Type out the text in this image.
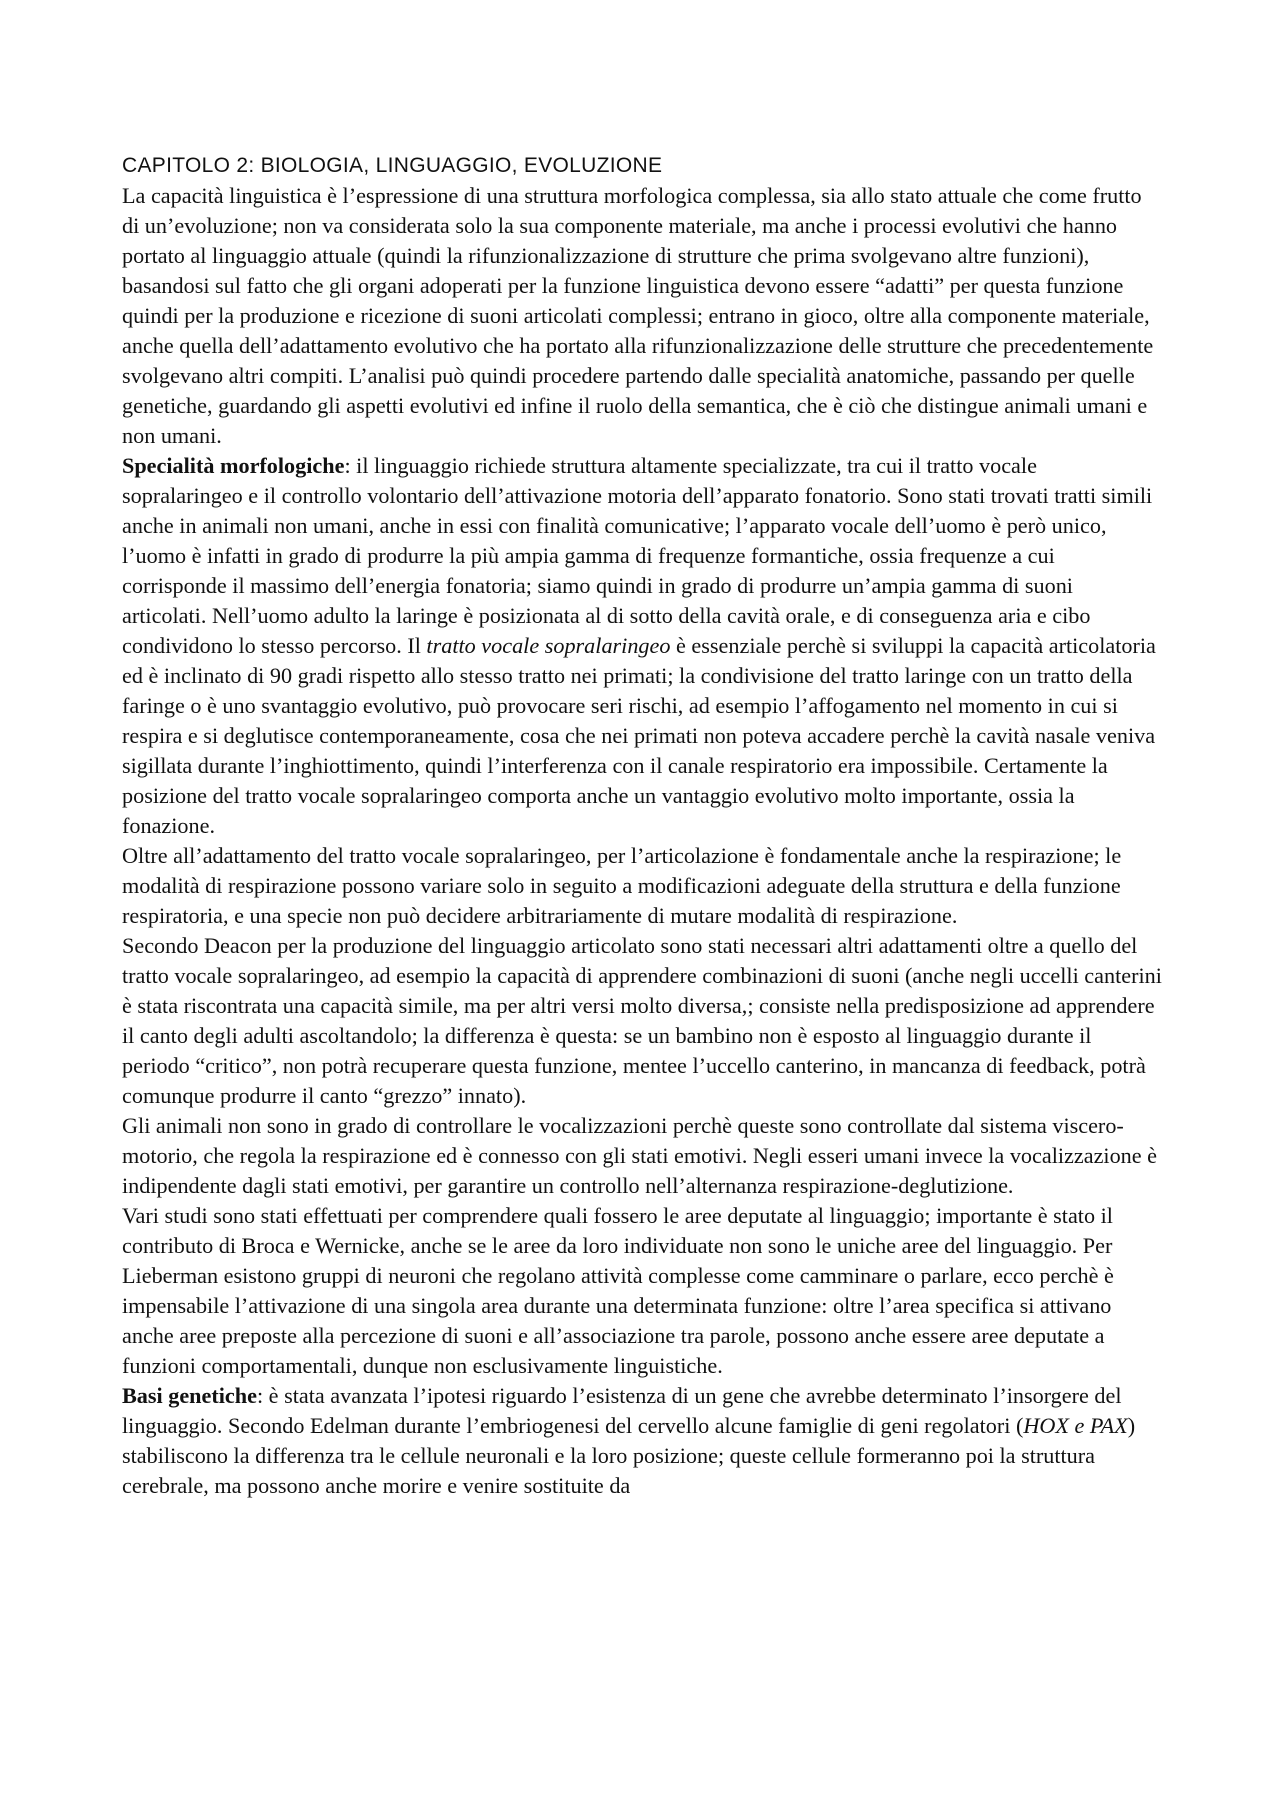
CAPITOLO 2: BIOLOGIA, LINGUAGGIO, EVOLUZIONE

La capacità linguistica è l’espressione di una struttura morfologica complessa, sia allo stato attuale che come frutto di un’evoluzione; non va considerata solo la sua componente materiale, ma anche i processi evolutivi che hanno portato al linguaggio attuale (quindi la rifunzionalizzazione di strutture che prima svolgevano altre funzioni), basandosi sul fatto che gli organi adoperati per la funzione linguistica devono essere “adatti” per questa funzione quindi per la produzione e ricezione di suoni articolati complessi; entrano in gioco, oltre alla componente materiale, anche quella dell’adattamento evolutivo che ha portato alla rifunzionalizzazione delle strutture che precedentemente svolgevano altri compiti. L’analisi può quindi procedere partendo dalle specialità anatomiche, passando per quelle genetiche, guardando gli aspetti evolutivi ed infine il ruolo della semantica, che è ciò che distingue animali umani e non umani.

Specialità morfologiche: il linguaggio richiede struttura altamente specializzate, tra cui il tratto vocale sopralaringeo e il controllo volontario dell’attivazione motoria dell’apparato fonatorio. Sono stati trovati tratti simili anche in animali non umani, anche in essi con finalità comunicative; l’apparato vocale dell’uomo è però unico, l’uomo è infatti in grado di produrre la più ampia gamma di frequenze formantiche, ossia frequenze a cui corrisponde il massimo dell’energia fonatoria; siamo quindi in grado di produrre un’ampia gamma di suoni articolati. Nell’uomo adulto la laringe è posizionata al di sotto della cavità orale, e di conseguenza aria e cibo condividono lo stesso percorso. Il tratto vocale sopralaringeo è essenziale perchè si sviluppi la capacità articolatoria ed è inclinato di 90 gradi rispetto allo stesso tratto nei primati; la condivisione del tratto laringe con un tratto della faringe o è uno svantaggio evolutivo, può provocare seri rischi, ad esempio l’affogamento nel momento in cui si respira e si deglutisce contemporaneamente, cosa che nei primati non poteva accadere perchè la cavità nasale veniva sigillata durante l’inghiottimento, quindi l’interferenza con il canale respiratorio era impossibile. Certamente la posizione del tratto vocale sopralaringeo comporta anche un vantaggio evolutivo molto importante, ossia la fonazione.

Oltre all’adattamento del tratto vocale sopralaringeo, per l’articolazione è fondamentale anche la respirazione; le modalità di respirazione possono variare solo in seguito a modificazioni adeguate della struttura e della funzione respiratoria, e una specie non può decidere arbitrariamente di mutare modalità di respirazione.

Secondo Deacon per la produzione del linguaggio articolato sono stati necessari altri adattamenti oltre a quello del tratto vocale sopralaringeo, ad esempio la capacità di apprendere combinazioni di suoni (anche negli uccelli canterini è stata riscontrata una capacità simile, ma per altri versi molto diversa,; consiste nella predisposizione ad apprendere il canto degli adulti ascoltandolo; la differenza è questa: se un bambino non è esposto al linguaggio durante il periodo “critico”, non potrà recuperare questa funzione, mentee l’uccello canterino, in mancanza di feedback, potrà comunque produrre il canto “grezzo” innato).

Gli animali non sono in grado di controllare le vocalizzazioni perchè queste sono controllate dal sistema viscero-motorio, che regola la respirazione ed è connesso con gli stati emotivi. Negli esseri umani invece la vocalizzazione è indipendente dagli stati emotivi, per garantire un controllo nell’alternanza respirazione-deglutizione.

Vari studi sono stati effettuati per comprendere quali fossero le aree deputate al linguaggio; importante è stato il contributo di Broca e Wernicke, anche se le aree da loro individuate non sono le uniche aree del linguaggio. Per Lieberman esistono gruppi di neuroni che regolano attività complesse come camminare o parlare, ecco perchè è impensabile l’attivazione di una singola area durante una determinata funzione: oltre l’area specifica si attivano anche aree preposte alla percezione di suoni e all’associazione tra parole, possono anche essere aree deputate a funzioni comportamentali, dunque non esclusivamente linguistiche.

Basi genetiche: è stata avanzata l’ipotesi riguardo l’esistenza di un gene che avrebbe determinato l’insorgere del linguaggio. Secondo Edelman durante l’embriogenesi del cervello alcune famiglie di geni regolatori (HOX e PAX) stabiliscono la differenza tra le cellule neuronali e la loro posizione; queste cellule formeranno poi la struttura cerebrale, ma possono anche morire e venire sostituite da
